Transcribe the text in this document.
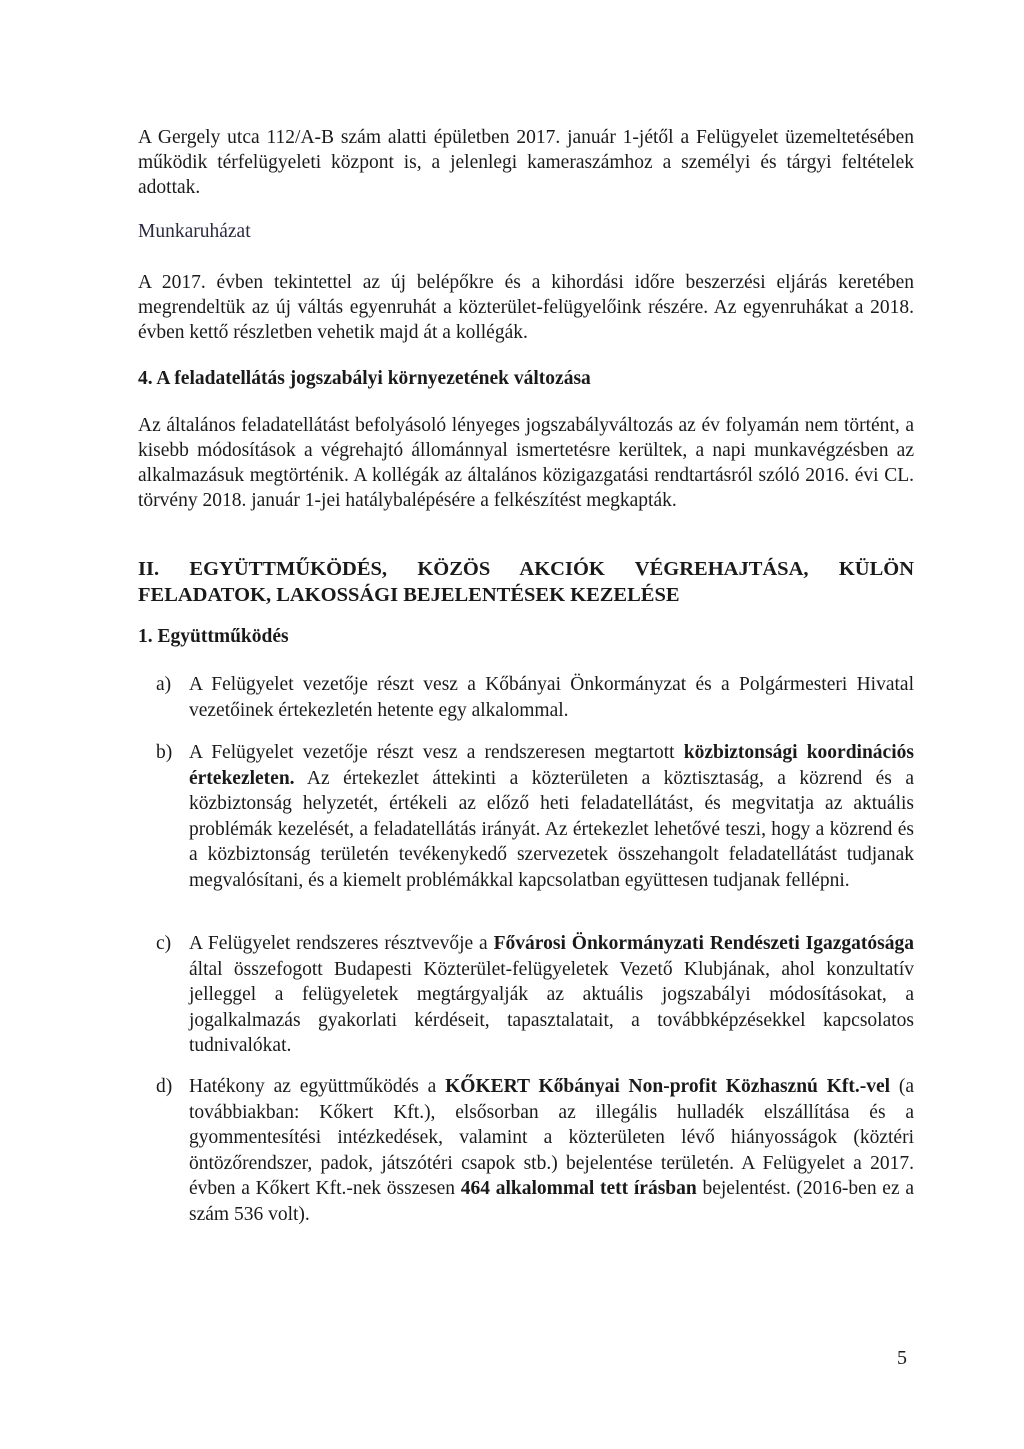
A Gergely utca 112/A-B szám alatti épületben 2017. január 1-jétől a Felügyelet üzemeltetésében működik térfelügyeleti központ is, a jelenlegi kameraszámhoz a személyi és tárgyi feltételek adottak.
Munkaruházat
A 2017. évben tekintettel az új belépőkre és a kihordási időre beszerzési eljárás keretében megrendeltük az új váltás egyenruhát a közterület-felügyelőink részére. Az egyenruhákat a 2018. évben kettő részletben vehetik majd át a kollégák.
4. A feladatellátás jogszabályi környezetének változása
Az általános feladatellátást befolyásoló lényeges jogszabályváltozás az év folyamán nem történt, a kisebb módosítások a végrehajtó állománnyal ismertetésre kerültek, a napi munkavégzésben az alkalmazásuk megtörténik. A kollégák az általános közigazgatási rendtartásról szóló 2016. évi CL. törvény 2018. január 1-jei hatálybalépésére a felkészítést megkapták.
II. EGYÜTTMŰKÖDÉS, KÖZÖS AKCIÓK VÉGREHAJTÁSA, KÜLÖN FELADATOK, LAKOSSÁGI BEJELENTÉSEK KEZELÉSE
1. Együttműködés
a) A Felügyelet vezetője részt vesz a Kőbányai Önkormányzat és a Polgármesteri Hivatal vezetőinek értekezletén hetente egy alkalommal.
b) A Felügyelet vezetője részt vesz a rendszeresen megtartott közbiztonsági koordinációs értekezleten. Az értekezlet áttekinti a közterületen a köztisztaság, a közrend és a közbiztonság helyzetét, értékeli az előző heti feladatellátást, és megvitatja az aktuális problémák kezelését, a feladatellátás irányát. Az értekezlet lehetővé teszi, hogy a közrend és a közbiztonság területén tevékenykedő szervezetek összehangolt feladatellátást tudjanak megvalósítani, és a kiemelt problémákkal kapcsolatban együttesen tudjanak fellépni.
c) A Felügyelet rendszeres résztvevője a Fővárosi Önkormányzati Rendészeti Igazgatósága által összefogott Budapesti Közterület-felügyeletek Vezető Klubjának, ahol konzultatív jelleggel a felügyeletek megtárgyalják az aktuális jogszabályi módosításokat, a jogalkalmazás gyakorlati kérdéseit, tapasztalatait, a továbbképzésekkel kapcsolatos tudnivalókat.
d) Hatékony az együttműködés a KŐKERT Kőbányai Non-profit Közhasznú Kft.-vel (a továbbiakban: Kőkert Kft.), elsősorban az illegális hulladék elszállítása és a gyommentesítési intézkedések, valamint a közterületen lévő hiányosságok (köztéri öntözőrendszer, padok, játszótéri csapok stb.) bejelentése területén. A Felügyelet a 2017. évben a Kőkert Kft.-nek összesen 464 alkalommal tett írásban bejelentést. (2016-ben ez a szám 536 volt).
5
